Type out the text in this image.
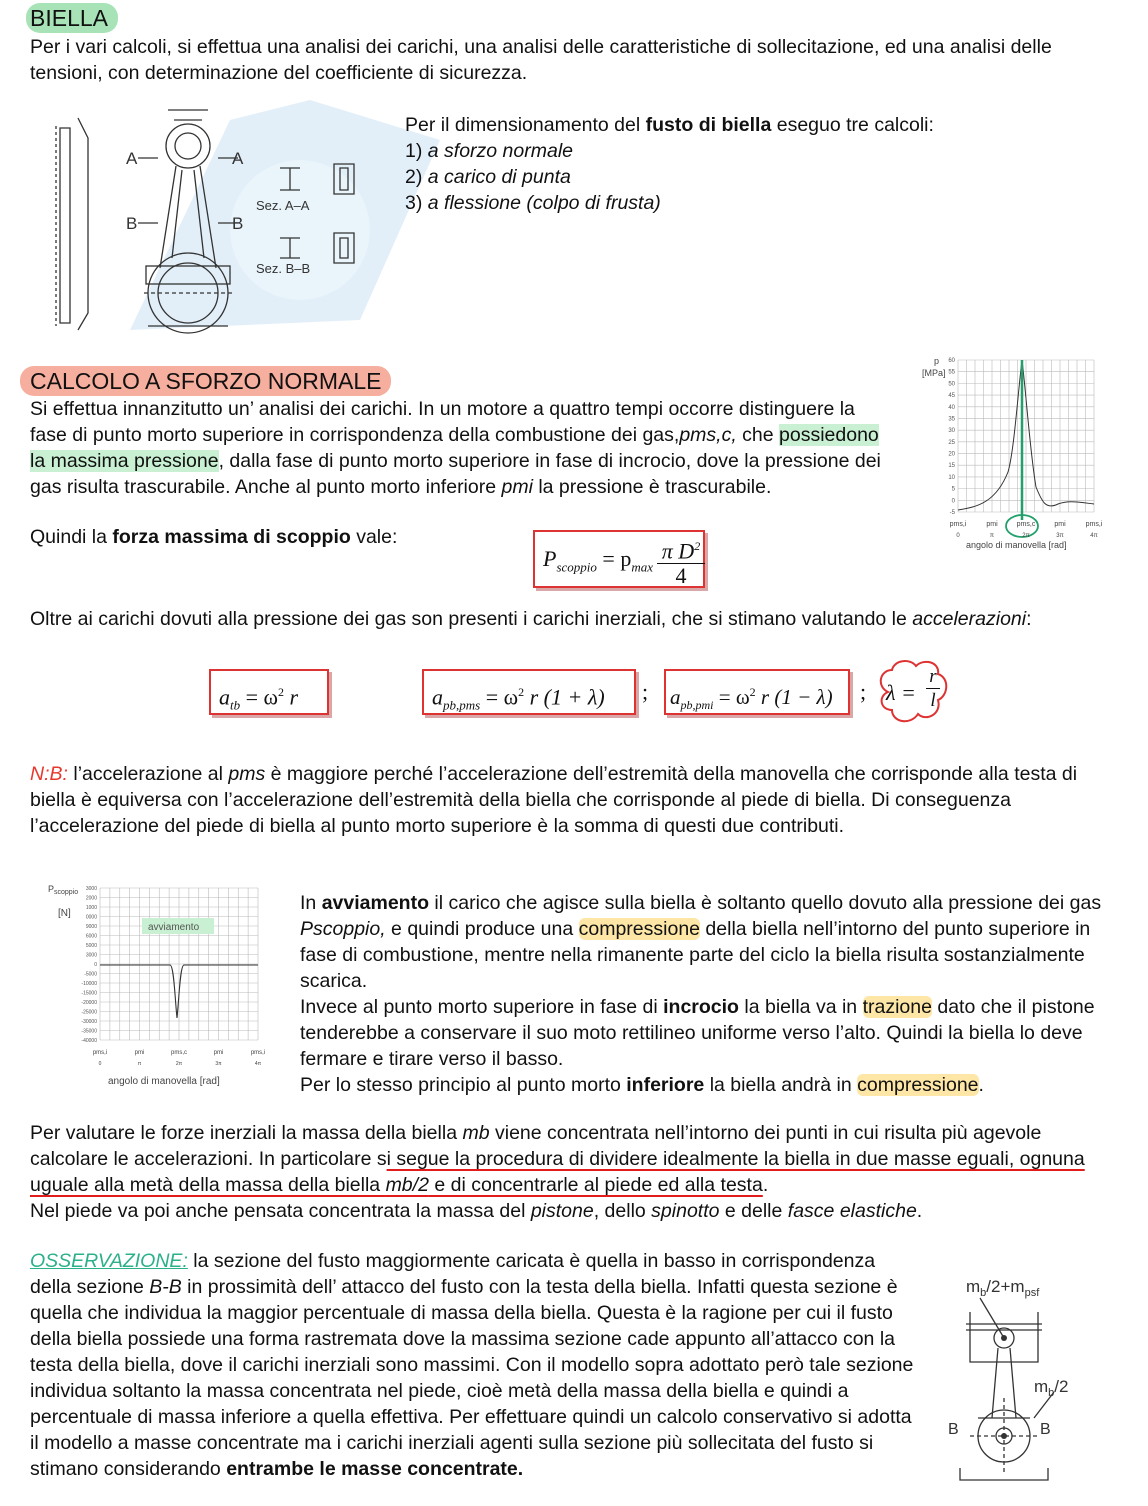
BIELLA
Per i vari calcoli, si effettua una analisi dei carichi, una analisi delle caratteristiche di sollecitazione, ed una analisi delle tensioni, con determinazione del coefficiente di sicurezza.
A	A
B	B
Sez. A–A
Sez. B–B
Per il dimensionamento del fusto di biella eseguo tre calcoli:
1) a sforzo normale
2) a carico di punta
3) a flessione (colpo di frusta)
CALCOLO A SFORZO NORMALE
Si effettua innanzitutto un’ analisi dei carichi. In un motore a quattro tempi occorre distinguere la fase di punto morto superiore in corrispondenza della combustione dei gas,pms,c, che possiedono la massima pressione, dalla fase di punto morto superiore in fase di incrocio, dove la pressione dei gas risulta trascurabile. Anche al punto morto inferiore pmi la pressione è trascurabile.
Quindi la forza massima di scoppio vale:
$P_{scoppio} = p_{max}$
π $D^2$
4
p
[MPa]
60
55
50
45
40
35
30
25
20
15
10
5
0
-5
pms,i
0
pmi
π
pms,c
2π
pmi
3π
pms,i
4π
angolo di manovella [rad]
Oltre ai carichi dovuti alla pressione dei gas son presenti i carichi inerziali, che si stimano valutando le accelerazioni:
$a_{tb} = \omega^2$ r	$a_{pb,pms} = \omega^2$ r (1 + λ) ; $a_{pb,pmi} = \omega^2$ r (1 − λ) ; λ =
r
l
N:B: l’accelerazione al pms è maggiore perché l’accelerazione dell’estremità della manovella che corrisponde alla testa di biella è equiversa con l’accelerazione dell’estremità della biella che corrisponde al piede di biella. Di conseguenza l’accelerazione del piede di biella al punto morto superiore è la somma di questi due contributi.
$P_{scoppio}$
[N]
3000
2000
1000
0000
9000
6000
5000
3000
0
-5000
-10000
-15000
-20000
-25000
-30000
-35000
-40000
avviamento
pms,i
0
pmi
π
pms,c
2π
pmi
3π
pms,i
4π
angolo di manovella [rad]
In avviamento il carico che agisce sulla biella è soltanto quello dovuto alla pressione dei gas Pscoppio, e quindi produce una compressione della biella nell’intorno del punto superiore in fase di combustione, mentre nella rimanente parte del ciclo la biella risulta sostanzialmente scarica.
Invece al punto morto superiore in fase di incrocio la biella va in trazione dato che il pistone tenderebbe a conservare il suo moto rettilineo uniforme verso l’alto. Quindi la biella lo deve fermare e tirare verso il basso.
Per lo stesso principio al punto morto inferiore la biella andrà in compressione.
Per valutare le forze inerziali la massa della biella mb viene concentrata nell’intorno dei punti in cui risulta più agevole calcolare le accelerazioni. In particolare si segue la procedura di dividere idealmente la biella in due masse eguali, ognuna uguale alla metà della massa della biella mb/2 e di concentrarle al piede ed alla testa.
Nel piede va poi anche pensata concentrata la massa del pistone, dello spinotto e delle fasce elastiche.
OSSERVAZIONE: la sezione del fusto maggiormente caricata è quella in basso in corrispondenza della sezione B-B in prossimità dell’ attacco del fusto con la testa della biella. Infatti questa sezione è quella che individua la maggior percentuale di massa della biella. Questa è la ragione per cui il fusto della biella possiede una forma rastremata dove la massima sezione cade appunto all’attacco con la testa della biella, dove il carichi inerziali sono massimi. Con il modello sopra adottato però tale sezione individua soltanto la massa concentrata nel piede, cioè metà della massa della biella e quindi a percentuale di massa inferiore a quella effettiva. Per effettuare quindi un calcolo conservativo si adotta il modello a masse concentrate ma i carichi inerziali agenti sulla sezione più sollecitata del fusto si stimano considerando entrambe le masse concentrate.
$m_b/2+m_{psf}$
$m_b/2$
B	B
